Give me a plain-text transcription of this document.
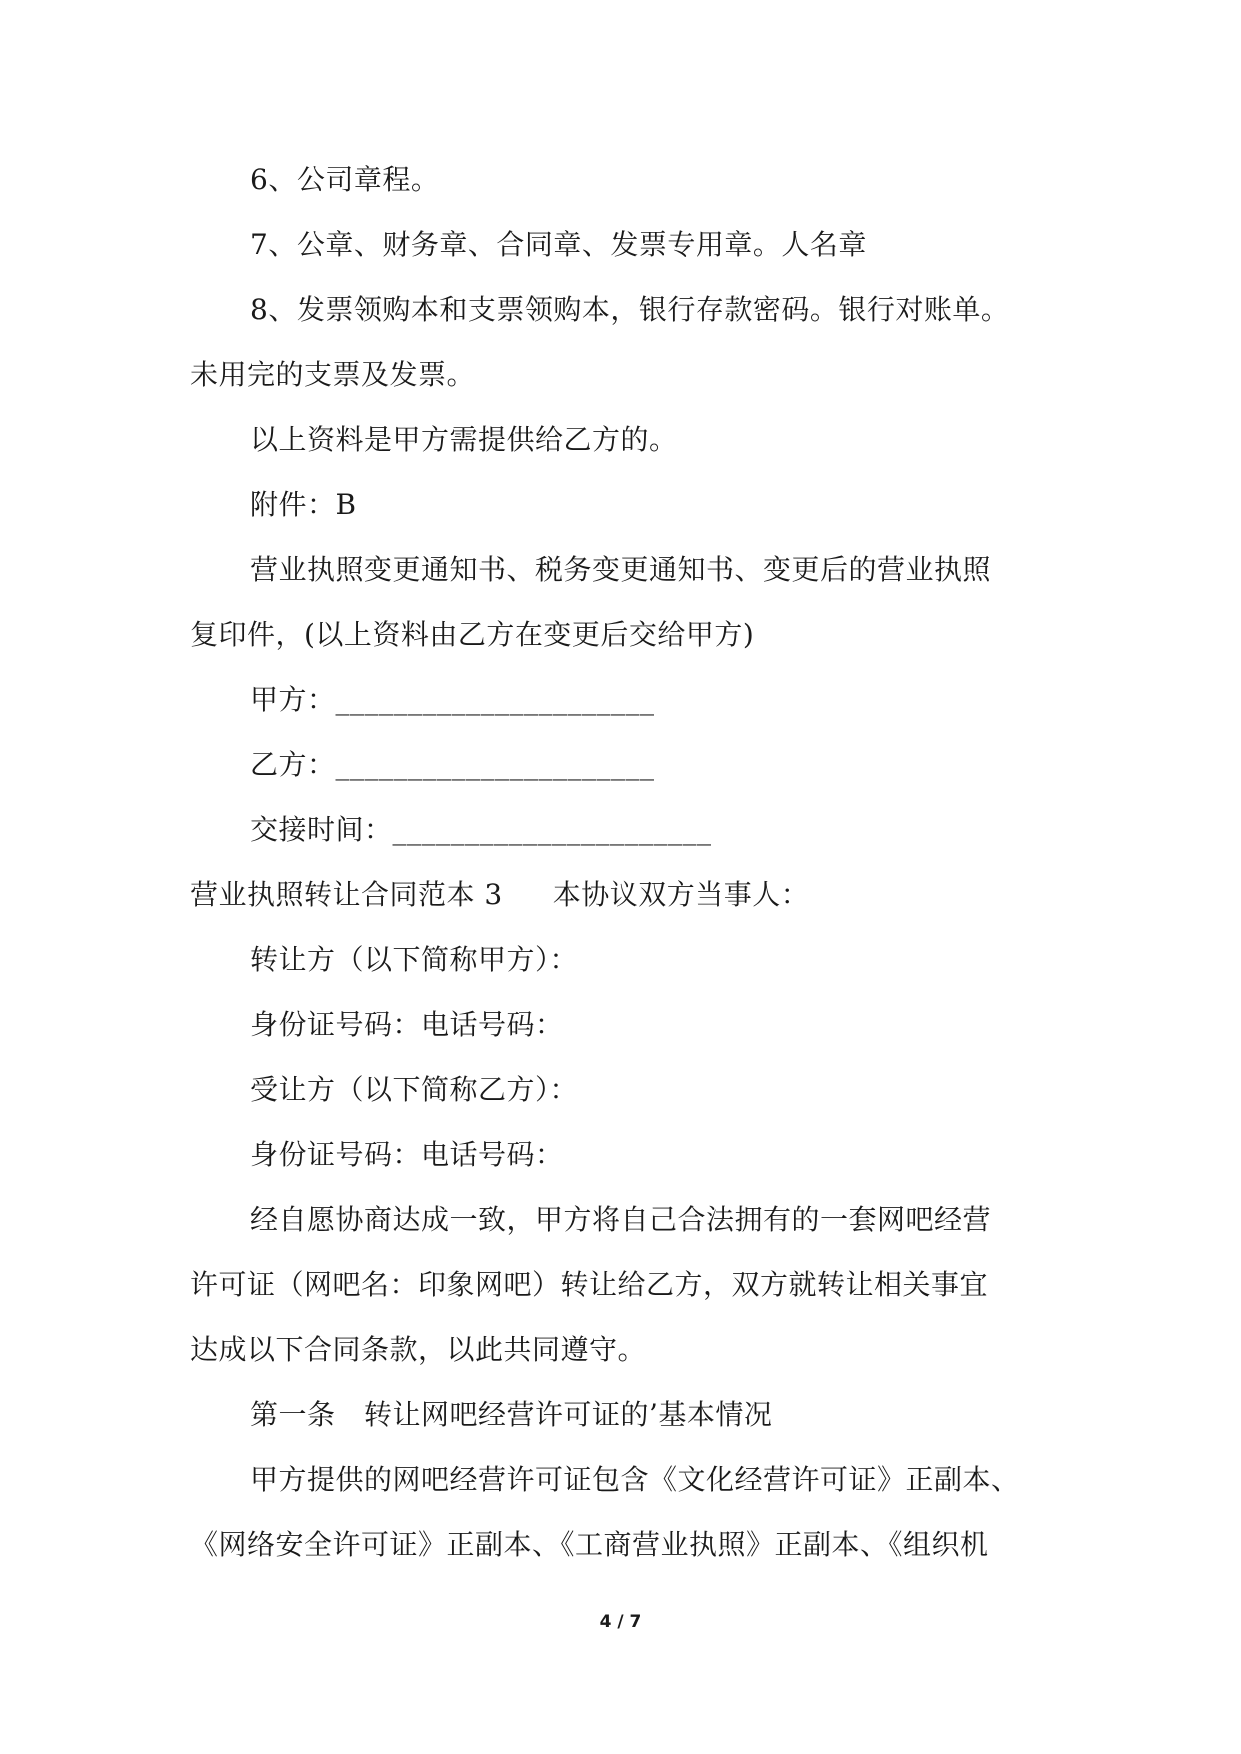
6、公司章程。
7、公章、财务章、合同章、发票专用章。人名章
8、发票领购本和支票领购本，银行存款密码。银行对账单。
未用完的支票及发票。
以上资料是甲方需提供给乙方的。
附件：B
营业执照变更通知书、税务变更通知书、变更后的营业执照
复印件，(以上资料由乙方在变更后交给甲方)
甲方：______________________
乙方：______________________
交接时间：______________________
营业执照转让合同范本 3 本协议双方当事人：
转让方（以下简称甲方）：
身份证号码：电话号码：
受让方（以下简称乙方）：
身份证号码：电话号码：
经自愿协商达成一致，甲方将自己合法拥有的一套网吧经营
许可证（网吧名：印象网吧）转让给乙方，双方就转让相关事宜
达成以下合同条款，以此共同遵守。
第一条　转让网吧经营许可证的’基本情况
甲方提供的网吧经营许可证包含《文化经营许可证》正副本、
《网络安全许可证》正副本、《工商营业执照》正副本、《组织机
4 / 7
